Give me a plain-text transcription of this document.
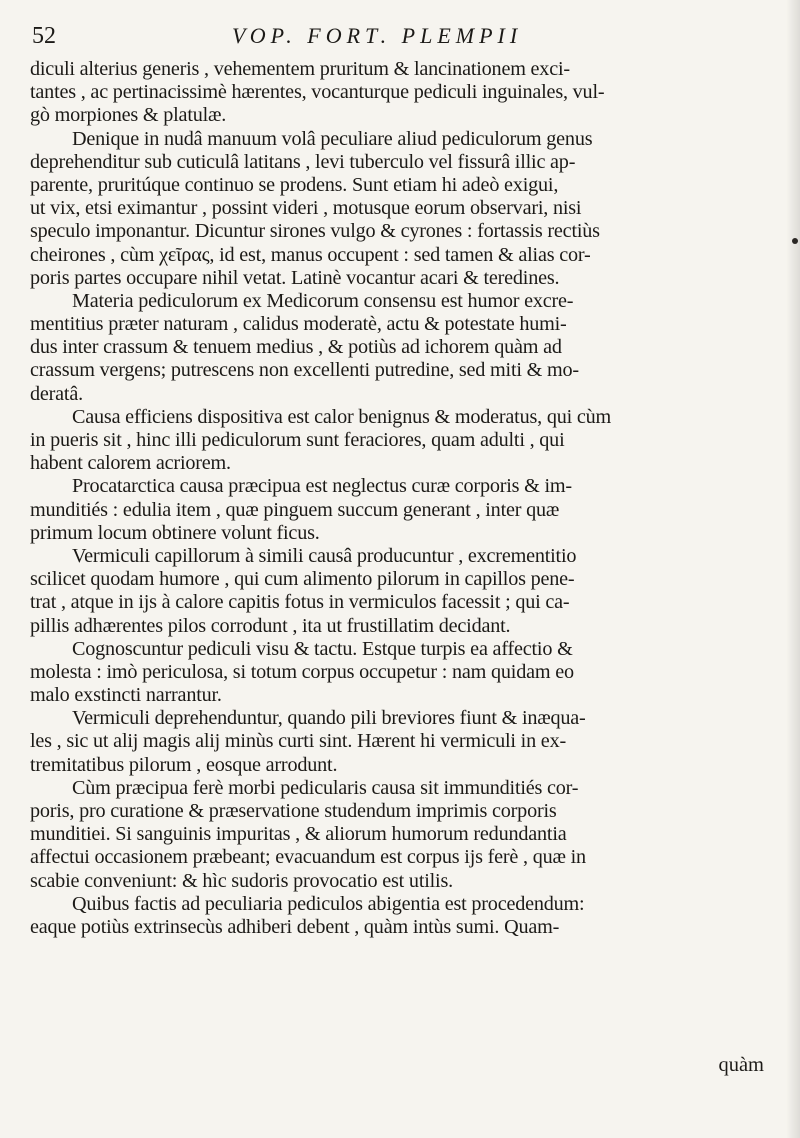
52	VOP. FORT. PLEMPII
diculi alterius generis , vehementem pruritum & lancinationem exci-
tantes , ac pertinacissimè hærentes, vocanturque pediculi inguinales, vul-
gò morpiones & platulæ.
Denique in nudâ manuum volâ peculiare aliud pediculorum genus
deprehenditur sub cuticulâ latitans , levi tuberculo vel fissurâ illic ap-
parente, pruritúque continuo se prodens. Sunt etiam hi adeò exigui,
ut vix, etsi eximantur , possint videri , motusque eorum observari, nisi
speculo imponantur. Dicuntur sirones vulgo & cyrones : fortassis rectiùs
cheirones , cùm χεῖρας, id est, manus occupent : sed tamen & alias cor-
poris partes occupare nihil vetat. Latinè vocantur acari & teredines.
Materia pediculorum ex Medicorum consensu est humor excre-
mentitius præter naturam , calidus moderatè, actu & potestate humi-
dus inter crassum & tenuem medius , & potiùs ad ichorem quàm ad
crassum vergens; putrescens non excellenti putredine, sed miti & mo-
deratâ.
Causa efficiens dispositiva est calor benignus & moderatus, qui cùm
in pueris sit , hinc illi pediculorum sunt feraciores, quam adulti , qui
habent calorem acriorem.
Procatarctica causa præcipua est neglectus curæ corporis & im-
munditiés : edulia item , quæ pinguem succum generant , inter quæ
primum locum obtinere volunt ficus.
Vermiculi capillorum à simili causâ producuntur , excrementitio
scilicet quodam humore , qui cum alimento pilorum in capillos pene-
trat , atque in ijs à calore capitis fotus in vermiculos facessit ; qui ca-
pillis adhærentes pilos corrodunt , ita ut frustillatim decidant.
Cognoscuntur pediculi visu & tactu. Estque turpis ea affectio &
molesta : imò periculosa, si totum corpus occupetur : nam quidam eo
malo exstincti narrantur.
Vermiculi deprehenduntur, quando pili breviores fiunt & inæqua-
les , sic ut alij magis alij minùs curti sint. Hærent hi vermiculi in ex-
tremitatibus pilorum , eosque arrodunt.
Cùm præcipua ferè morbi pedicularis causa sit immunditiés cor-
poris, pro curatione & præservatione studendum imprimis corporis
munditiei. Si sanguinis impuritas , & aliorum humorum redundantia
affectui occasionem præbeant; evacuandum est corpus ijs ferè , quæ in
scabie conveniunt: & hìc sudoris provocatio est utilis.
Quibus factis ad peculiaria pediculos abigentia est procedendum:
eaque potiùs extrinsecùs adhiberi debent , quàm intùs sumi. Quam-
quàm
